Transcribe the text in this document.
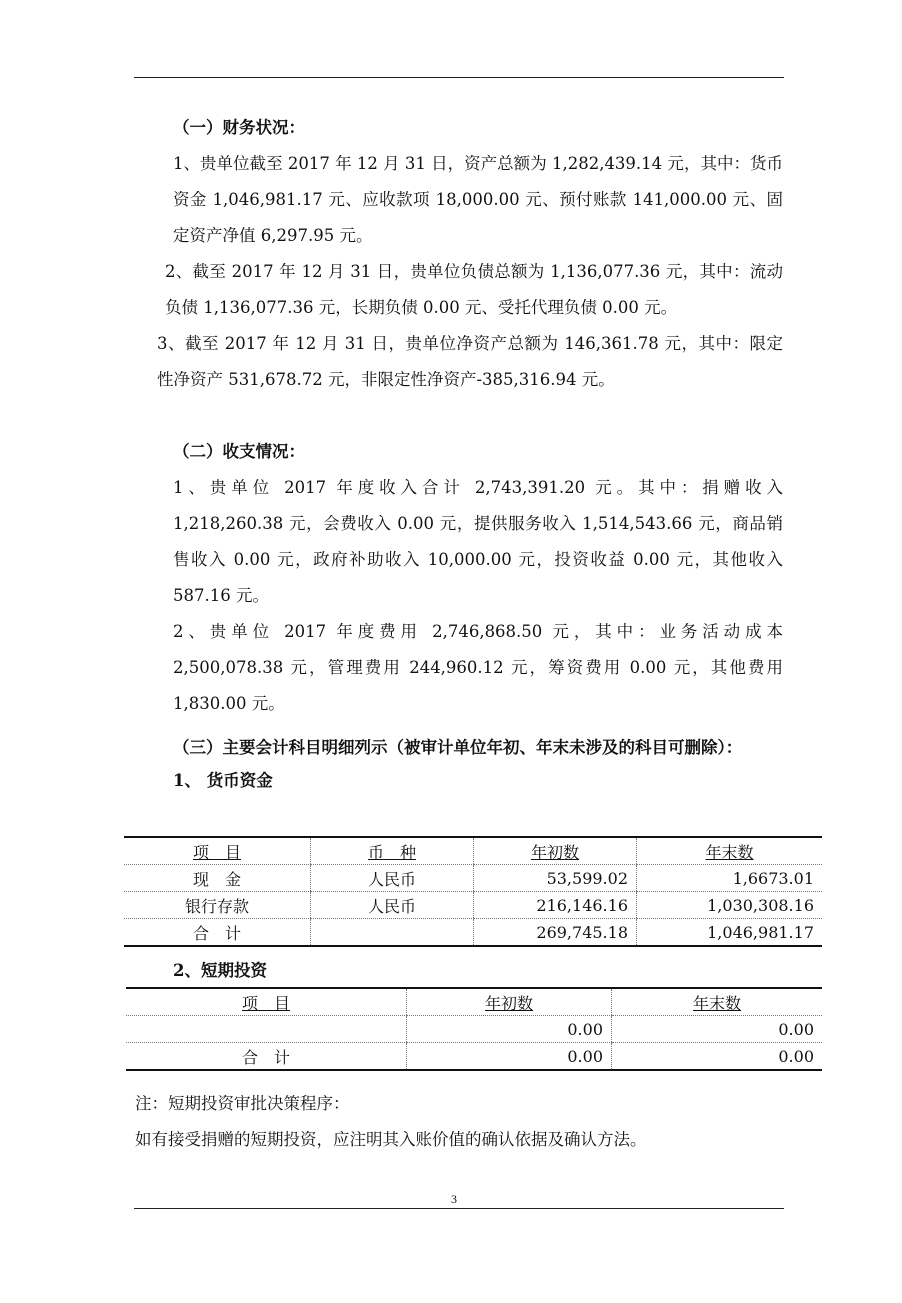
（一）财务状况：

1、贵单位截至 2017 年 12 月 31 日，资产总额为 1,282,439.14 元，其中：货币资金 1,046,981.17 元、应收款项 18,000.00 元、预付账款 141,000.00 元、固定资产净值 6,297.95 元。

2、截至 2017 年 12 月 31 日，贵单位负债总额为 1,136,077.36 元，其中：流动负债 1,136,077.36 元，长期负债 0.00 元、受托代理负债 0.00 元。

3、截至 2017 年 12 月 31 日，贵单位净资产总额为 146,361.78 元，其中：限定性净资产 531,678.72 元，非限定性净资产-385,316.94 元。

（二）收支情况：

1、贵单位 2017 年度收入合计 2,743,391.20 元。其中：捐赠收入 1,218,260.38 元，会费收入 0.00 元，提供服务收入 1,514,543.66 元，商品销售收入 0.00 元，政府补助收入 10,000.00 元，投资收益 0.00 元，其他收入 587.16 元。

2、贵单位 2017 年度费用 2,746,868.50 元，其中：业务活动成本 2,500,078.38 元，管理费用 244,960.12 元，筹资费用 0.00 元，其他费用 1,830.00 元。

（三）主要会计科目明细列示（被审计单位年初、年末未涉及的科目可删除）：

1、 货币资金

项　目	币　种	年初数	年末数
现　金	人民币	53,599.02	1,6673.01
银行存款	人民币	216,146.16	1,030,308.16
合　计		269,745.18	1,046,981.17

2、短期投资

项　目	年初数	年末数
	0.00	0.00
合　计	0.00	0.00

注：短期投资审批决策程序：

如有接受捐赠的短期投资，应注明其入账价值的确认依据及确认方法。

3
